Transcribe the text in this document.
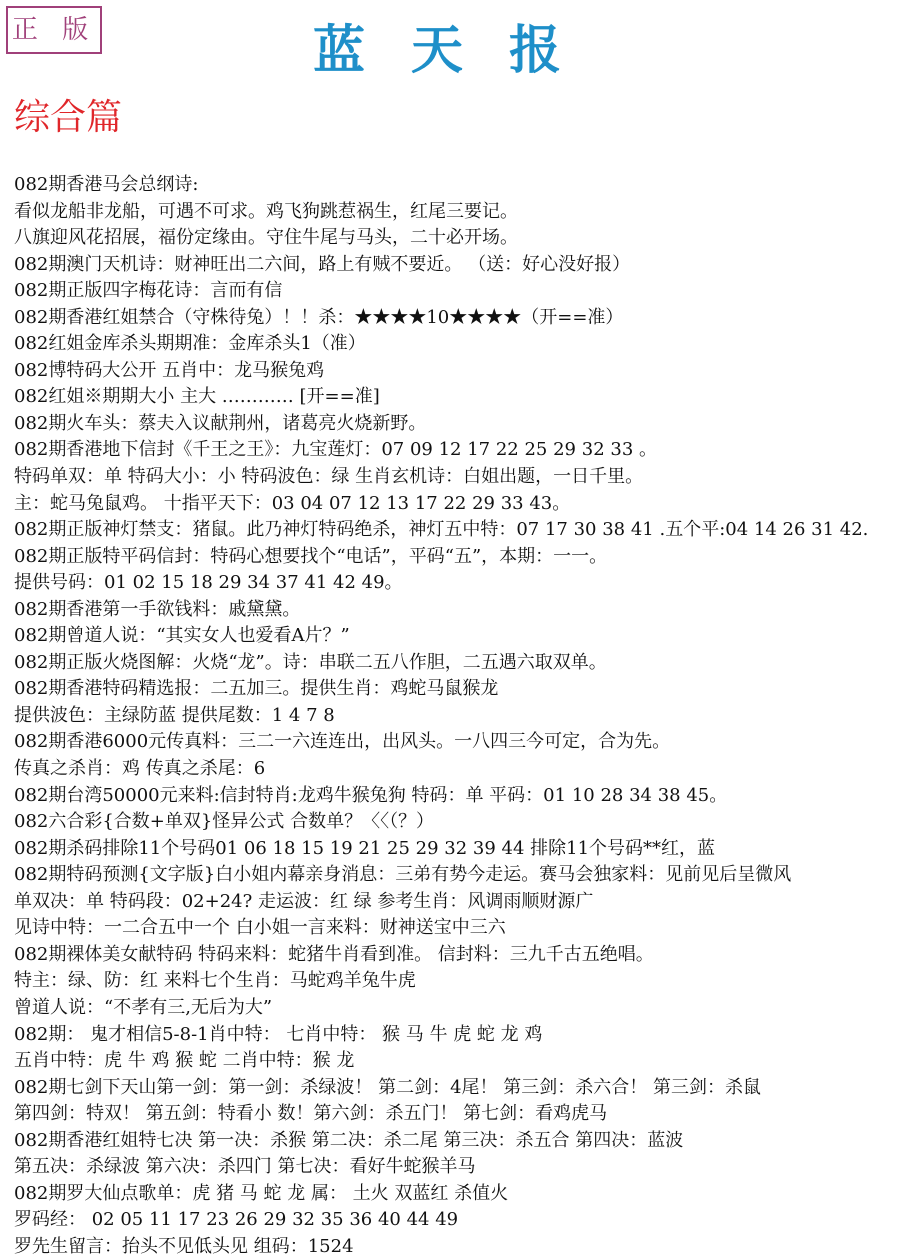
正 版	蓝天报
综合篇
082期香港马会总纲诗:
看似龙船非龙船，可遇不可求。鸡飞狗跳惹祸生，红尾三要记。
八旗迎风花招展，福份定缘由。守住牛尾与马头，二十必开场。
082期澳门天机诗：财神旺出二六间，路上有贼不要近。 （送：好心没好报）
082期正版四字梅花诗：言而有信
082期香港红姐禁合（守株待兔）！！杀：★★★★10★★★★（开==准）
082红姐金库杀头期期准：金库杀头1（准）
082博特码大公开 五肖中：龙马猴兔鸡
082红姐※期期大小 主大 ………… [开==准]
082期火车头：蔡夫入议献荆州，诸葛亮火烧新野。
082期香港地下信封《千王之王》：九宝莲灯：07 09 12 17 22 25 29 32 33 。
特码单双：单 特码大小：小 特码波色：绿 生肖玄机诗：白姐出题，一日千里。
主：蛇马兔鼠鸡。 十指平天下：03 04 07 12 13 17 22 29 33 43。
082期正版神灯禁支：猪鼠。此乃神灯特码绝杀，神灯五中特：07 17 30 38 41 .五个平:04 14 26 31 42.
082期正版特平码信封：特码心想要找个“电话”，平码“五”，本期：一一。
提供号码：01 02 15 18 29 34 37 41 42 49。
082期香港第一手欲钱料：戚黛黛。
082期曾道人说：“其实女人也爱看A片？”
082期正版火烧图解：火烧“龙”。诗：串联二五八作胆，二五遇六取双单。
082期香港特码精选报：二五加三。提供生肖：鸡蛇马鼠猴龙
提供波色：主绿防蓝 提供尾数：1 4 7 8
082期香港6000元传真料：三二一六连连出，出风头。一八四三今可定，合为先。
传真之杀肖：鸡 传真之杀尾：6
082期台湾50000元来料:信封特肖:龙鸡牛猴兔狗 特码：单 平码：01 10 28 34 38 45。
082六合彩{合数+单双}怪异公式 合数单？〈〈（？）
082期杀码排除11个号码01 06 18 15 19 21 25 29 32 39 44 排除11个号码**红，蓝
082期特码预测{文字版}白小姐内幕亲身消息：三弟有势今走运。赛马会独家料：见前见后呈微风
单双决：单 特码段：02+24? 走运波：红 绿 参考生肖：风调雨顺财源广
见诗中特：一二合五中一个 白小姐一言来料：财神送宝中三六
082期裸体美女献特码 特码来料：蛇猪牛肖看到准。 信封料：三九千古五绝唱。
特主：绿、防：红 来料七个生肖：马蛇鸡羊兔牛虎
曾道人说：“不孝有三,无后为大”
082期： 鬼才相信5-8-1肖中特： 七肖中特： 猴 马 牛 虎 蛇 龙 鸡
五肖中特：虎 牛 鸡 猴 蛇 二肖中特：猴 龙
082期七剑下天山第一剑：第一剑：杀绿波！ 第二剑：4尾！ 第三剑：杀六合！ 第三剑：杀鼠
第四剑：特双！ 第五剑：特看小 数！第六剑：杀五门！ 第七剑：看鸡虎马
082期香港红姐特七决 第一决：杀猴 第二决：杀二尾 第三决：杀五合 第四决：蓝波
第五决：杀绿波 第六决：杀四门 第七决：看好牛蛇猴羊马
082期罗大仙点歌单：虎 猪 马 蛇 龙 属： 土火 双蓝红 杀值火
罗码经： 02 05 11 17 23 26 29 32 35 36 40 44 49
罗先生留言：抬头不见低头见 组码：1524
